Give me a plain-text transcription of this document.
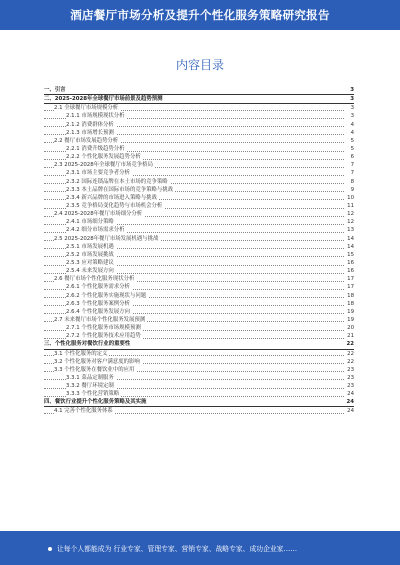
酒店餐厅市场分析及提升个性化服务策略研究报告
内容目录
一、引言	3
二、2025-2028年全球餐厅市场前景及趋势预测	3
2.1 全球餐厅市场规模分析	3
2.1.1 市场规模现状分析	3
2.1.2 消费群体分析	4
2.1.3 市场增长预测	4
2.2 餐厅市场发展趋势分析	5
2.2.1 消费升级趋势分析	5
2.2.2 个性化服务发展趋势分析	6
2.3 2025-2028年全球餐厅市场竞争格局	7
2.3.1 市场主要竞争者分析	7
2.3.2 国际连锁品牌在本土市场的竞争策略	8
2.3.3 本土品牌在国际市场的竞争策略与挑战	9
2.3.4 新兴品牌的市场进入策略与挑战	10
2.3.5 竞争格局变化趋势与市场机会分析	11
2.4 2025-2028年餐厅市场细分分析	12
2.4.1 市场细分策略	12
2.4.2 细分市场需求分析	13
2.5 2025-2028年餐厅市场发展机遇与挑战	14
2.5.1 市场发展机遇	14
2.5.2 市场发展挑战	15
2.5.3 应对策略建议	16
2.5.4 未来发展方向	16
2.6 餐厅市场个性化服务现状分析	17
2.6.1 个性化服务需求分析	17
2.6.2 个性化服务实施现状与问题	18
2.6.3 个性化服务案例分析	18
2.6.4 个性化服务发展方向	19
2.7 未来餐厅市场个性化服务发展预测	19
2.7.1 个性化服务市场规模预测	20
2.7.2 个性化服务技术应用趋势	21
三、个性化服务对餐饮行业的重要性	22
3.1 个性化服务的定义	22
3.2 个性化服务对客户满意度的影响	22
3.3 个性化服务在餐饮业中的应用	23
3.3.1 菜品定制服务	23
3.3.2 餐厅环境定制	23
3.3.3 个性化营销策略	24
四、餐饮行业提升个性化服务策略及其实施	24
4.1 完善个性化服务体系	24
让每个人都能成为 行业专家、管理专家、营销专家、战略专家、成功企业家……
